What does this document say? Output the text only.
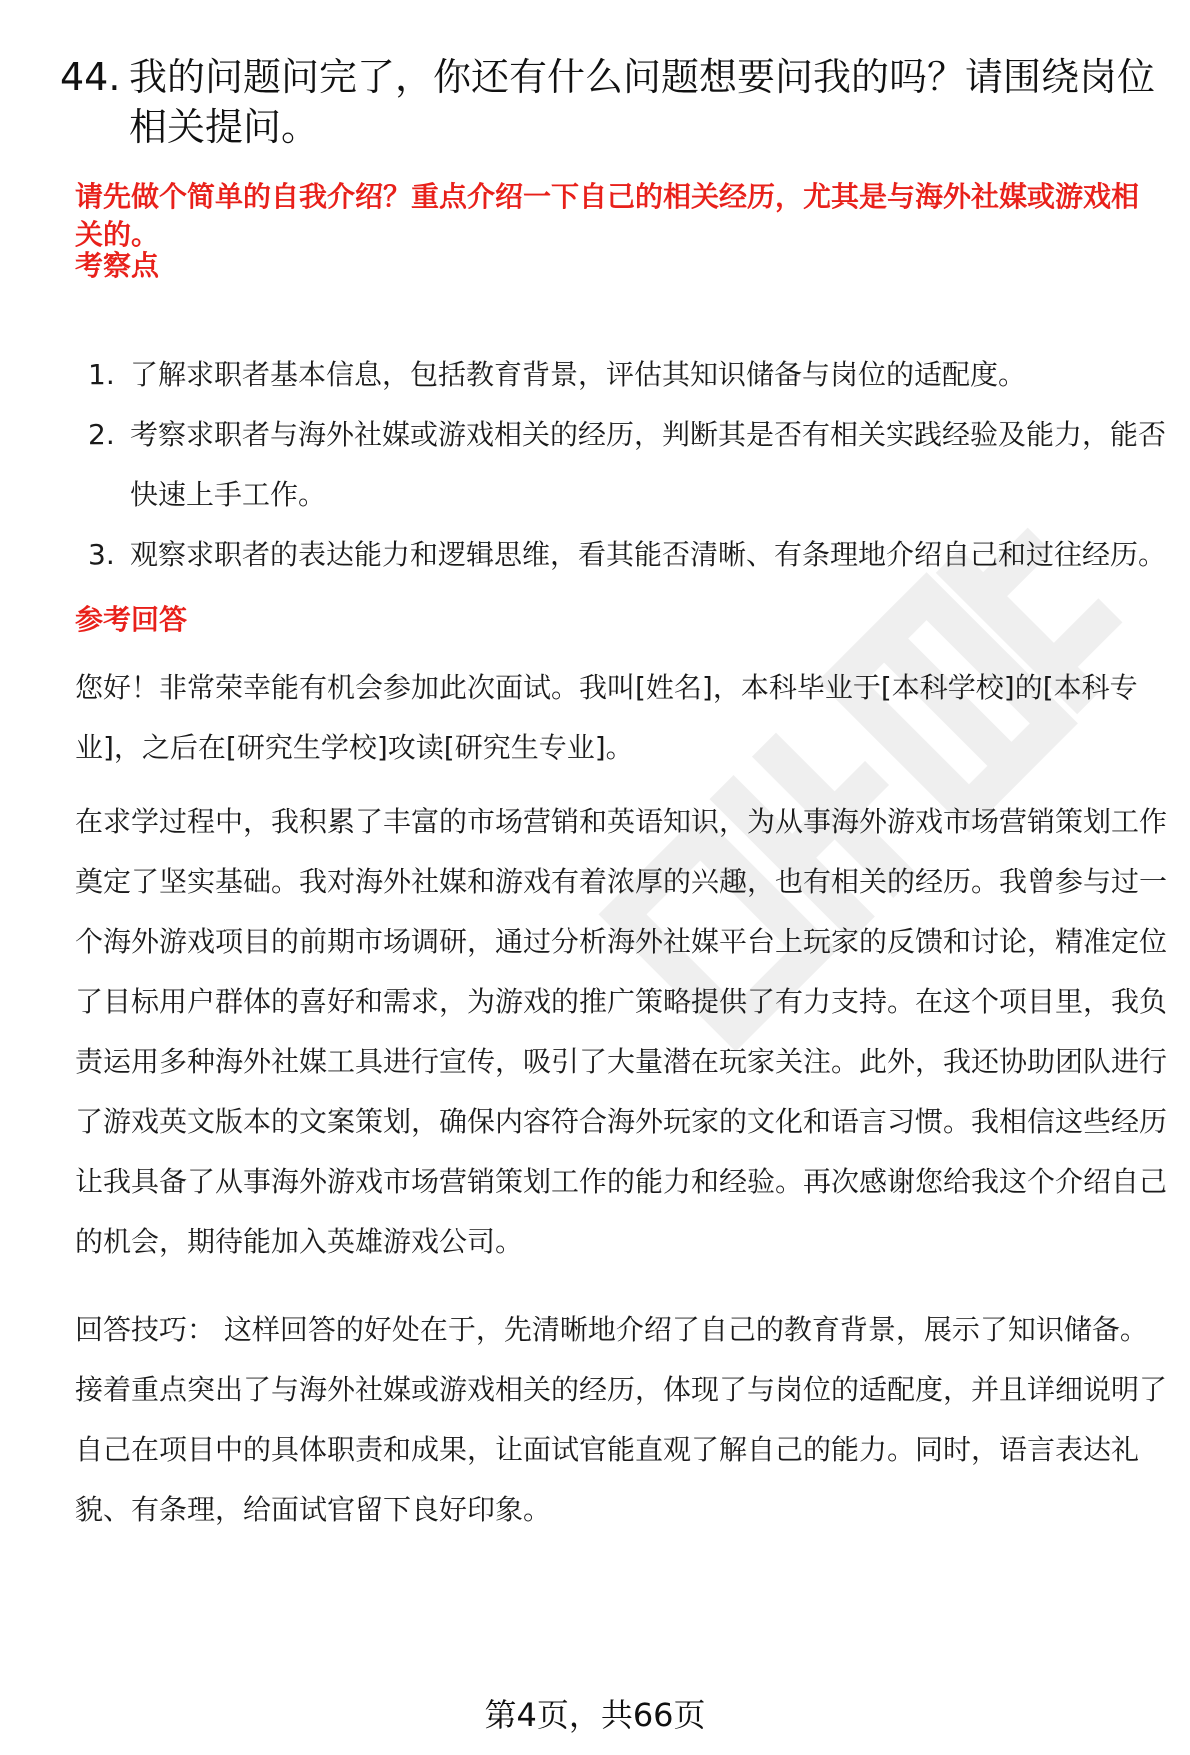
44. 我的问题问完了，你还有什么问题想要问我的吗？请围绕岗位相关提问。
请先做个简单的自我介绍？重点介绍一下自己的相关经历，尤其是与海外社媒或游戏相关的。
考察点
1. 了解求职者基本信息，包括教育背景，评估其知识储备与岗位的适配度。
2. 考察求职者与海外社媒或游戏相关的经历，判断其是否有相关实践经验及能力，能否快速上手工作。
3. 观察求职者的表达能力和逻辑思维，看其能否清晰、有条理地介绍自己和过往经历。
参考回答

您好！非常荣幸能有机会参加此次面试。我叫[姓名]，本科毕业于[本科学校]的[本科专业]，之后在[研究生学校]攻读[研究生专业]。

在求学过程中，我积累了丰富的市场营销和英语知识，为从事海外游戏市场营销策划工作奠定了坚实基础。我对海外社媒和游戏有着浓厚的兴趣，也有相关的经历。我曾参与过一个海外游戏项目的前期市场调研，通过分析海外社媒平台上玩家的反馈和讨论，精准定位了目标用户群体的喜好和需求，为游戏的推广策略提供了有力支持。在这个项目里，我负责运用多种海外社媒工具进行宣传，吸引了大量潜在玩家关注。此外，我还协助团队进行了游戏英文版本的文案策划，确保内容符合海外玩家的文化和语言习惯。我相信这些经历让我具备了从事海外游戏市场营销策划工作的能力和经验。再次感谢您给我这个介绍自己的机会，期待能加入英雄游戏公司。

回答技巧： 这样回答的好处在于，先清晰地介绍了自己的教育背景，展示了知识储备。接着重点突出了与海外社媒或游戏相关的经历，体现了与岗位的适配度，并且详细说明了自己在项目中的具体职责和成果，让面试官能直观了解自己的能力。同时，语言表达礼貌、有条理，给面试官留下良好印象。

第4页，共66页
